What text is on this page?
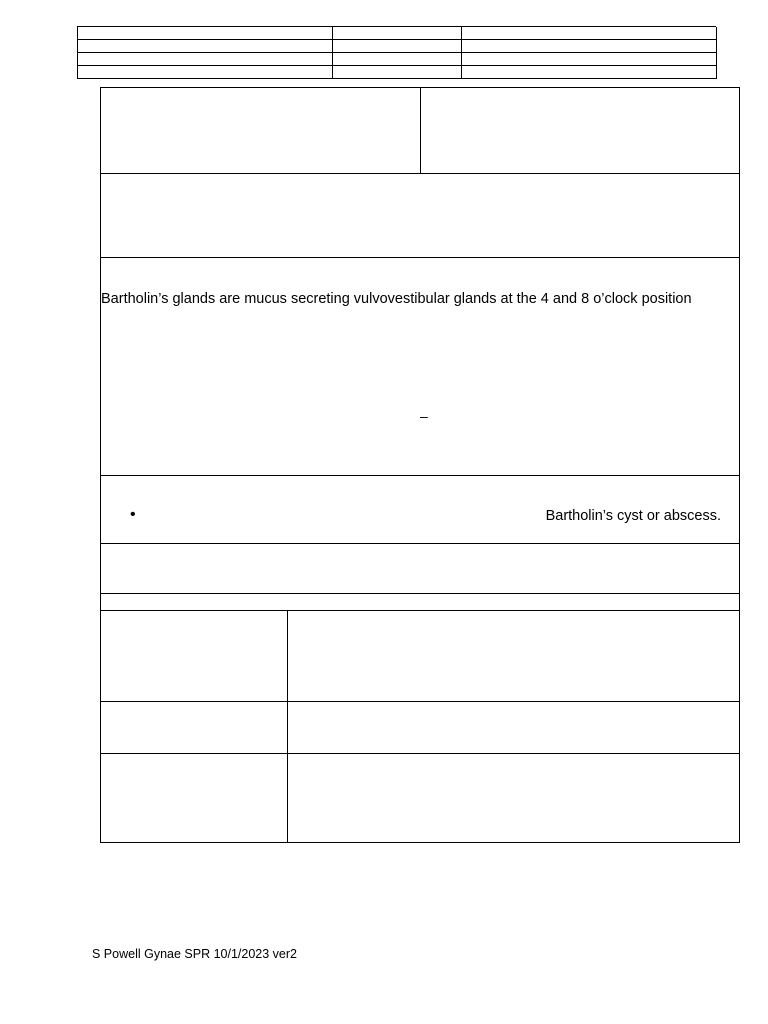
Bartholin’s glands are mucus secreting vulvovestibular glands at the 4 and 8 o’clock position
–
•	Bartholin’s cyst or abscess.
S Powell Gynae SPR 10/1/2023 ver2
